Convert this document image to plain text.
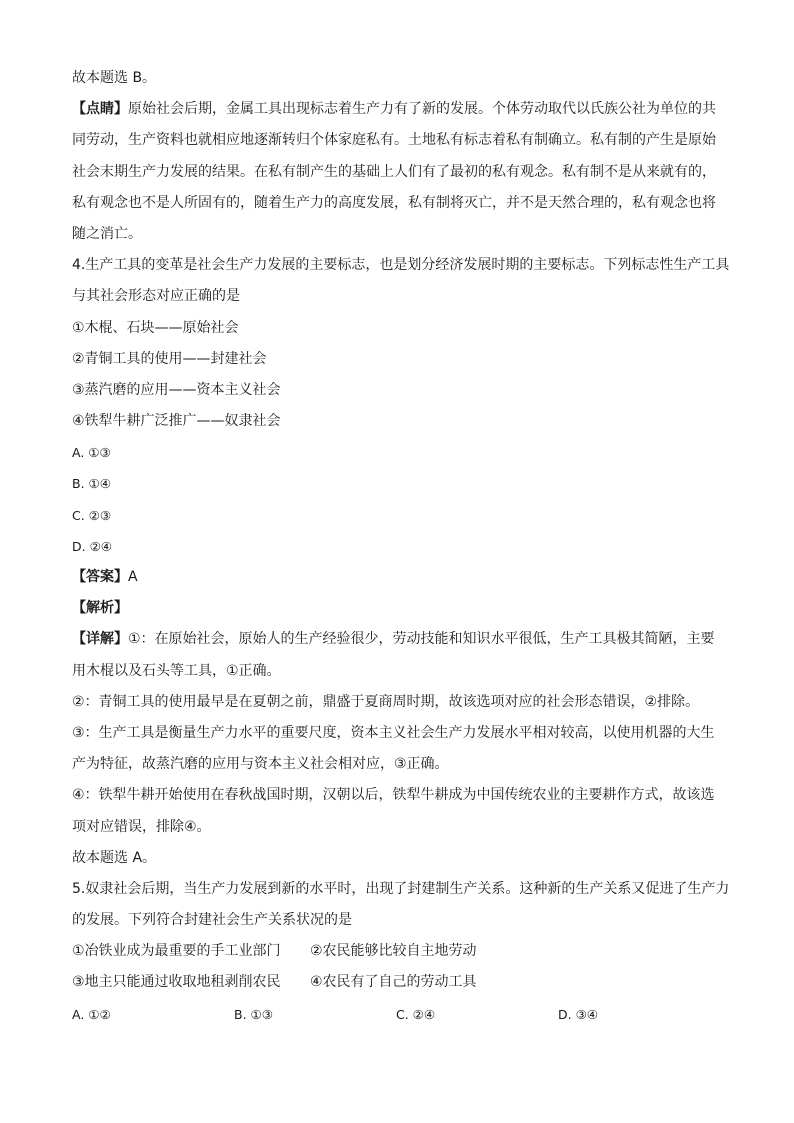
故本题选 B。
【点睛】原始社会后期，金属工具出现标志着生产力有了新的发展。个体劳动取代以氏族公社为单位的共
同劳动，生产资料也就相应地逐渐转归个体家庭私有。土地私有标志着私有制确立。私有制的产生是原始
社会末期生产力发展的结果。在私有制产生的基础上人们有了最初的私有观念。私有制不是从来就有的，
私有观念也不是人所固有的，随着生产力的高度发展，私有制将灭亡，并不是天然合理的，私有观念也将
随之消亡。
4.生产工具的变革是社会生产力发展的主要标志，也是划分经济发展时期的主要标志。下列标志性生产工具
与其社会形态对应正确的是
①木棍、石块——原始社会
②青铜工具的使用——封建社会
③蒸汽磨的应用——资本主义社会
④铁犁牛耕广泛推广——奴隶社会
A. ①③
B. ①④
C. ②③
D. ②④
【答案】A
【解析】
【详解】①：在原始社会，原始人的生产经验很少，劳动技能和知识水平很低，生产工具极其简陋，主要
用木棍以及石头等工具，①正确。
②：青铜工具的使用最早是在夏朝之前，鼎盛于夏商周时期，故该选项对应的社会形态错误，②排除。
③：生产工具是衡量生产力水平的重要尺度，资本主义社会生产力发展水平相对较高，以使用机器的大生
产为特征，故蒸汽磨的应用与资本主义社会相对应，③正确。
④：铁犁牛耕开始使用在春秋战国时期，汉朝以后，铁犁牛耕成为中国传统农业的主要耕作方式，故该选
项对应错误，排除④。
故本题选 A。
5.奴隶社会后期，当生产力发展到新的水平时，出现了封建制生产关系。这种新的生产关系又促进了生产力
的发展。下列符合封建社会生产关系状况的是
①冶铁业成为最重要的手工业部门 ②农民能够比较自主地劳动
③地主只能通过收取地租剥削农民 ④农民有了自己的劳动工具
A. ①②	B. ①③	C. ②④	D. ③④
